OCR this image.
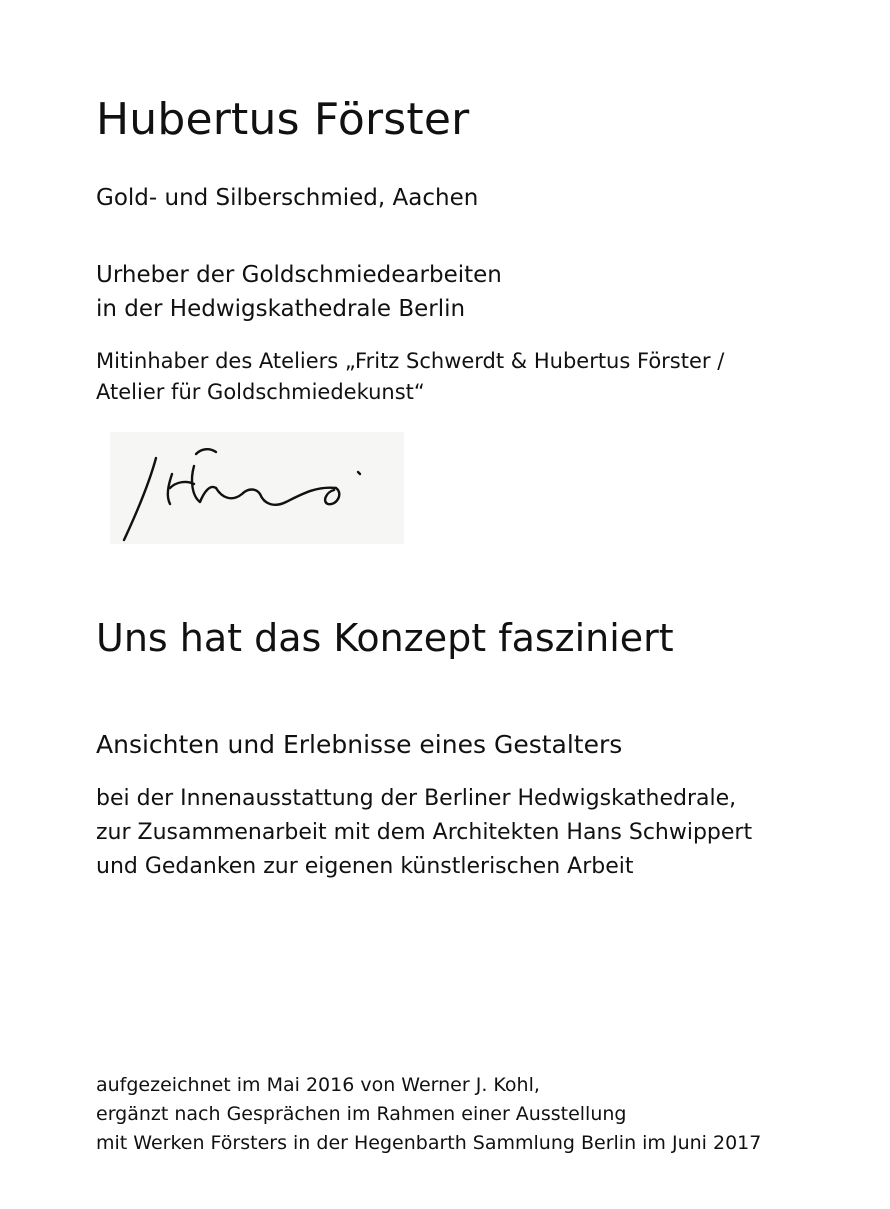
Hubertus Förster

Gold- und Silberschmied, Aachen

Urheber der Goldschmiedearbeiten
in der Hedwigskathedrale Berlin

Mitinhaber des Ateliers „Fritz Schwerdt & Hubertus Förster /
Atelier für Goldschmiedekunst“

Uns hat das Konzept fasziniert

Ansichten und Erlebnisse eines Gestalters

bei der Innenausstattung der Berliner Hedwigskathedrale,
zur Zusammenarbeit mit dem Architekten Hans Schwippert
und Gedanken zur eigenen künstlerischen Arbeit

aufgezeichnet im Mai 2016 von Werner J. Kohl,
ergänzt nach Gesprächen im Rahmen einer Ausstellung
mit Werken Försters in der Hegenbarth Sammlung Berlin im Juni 2017
